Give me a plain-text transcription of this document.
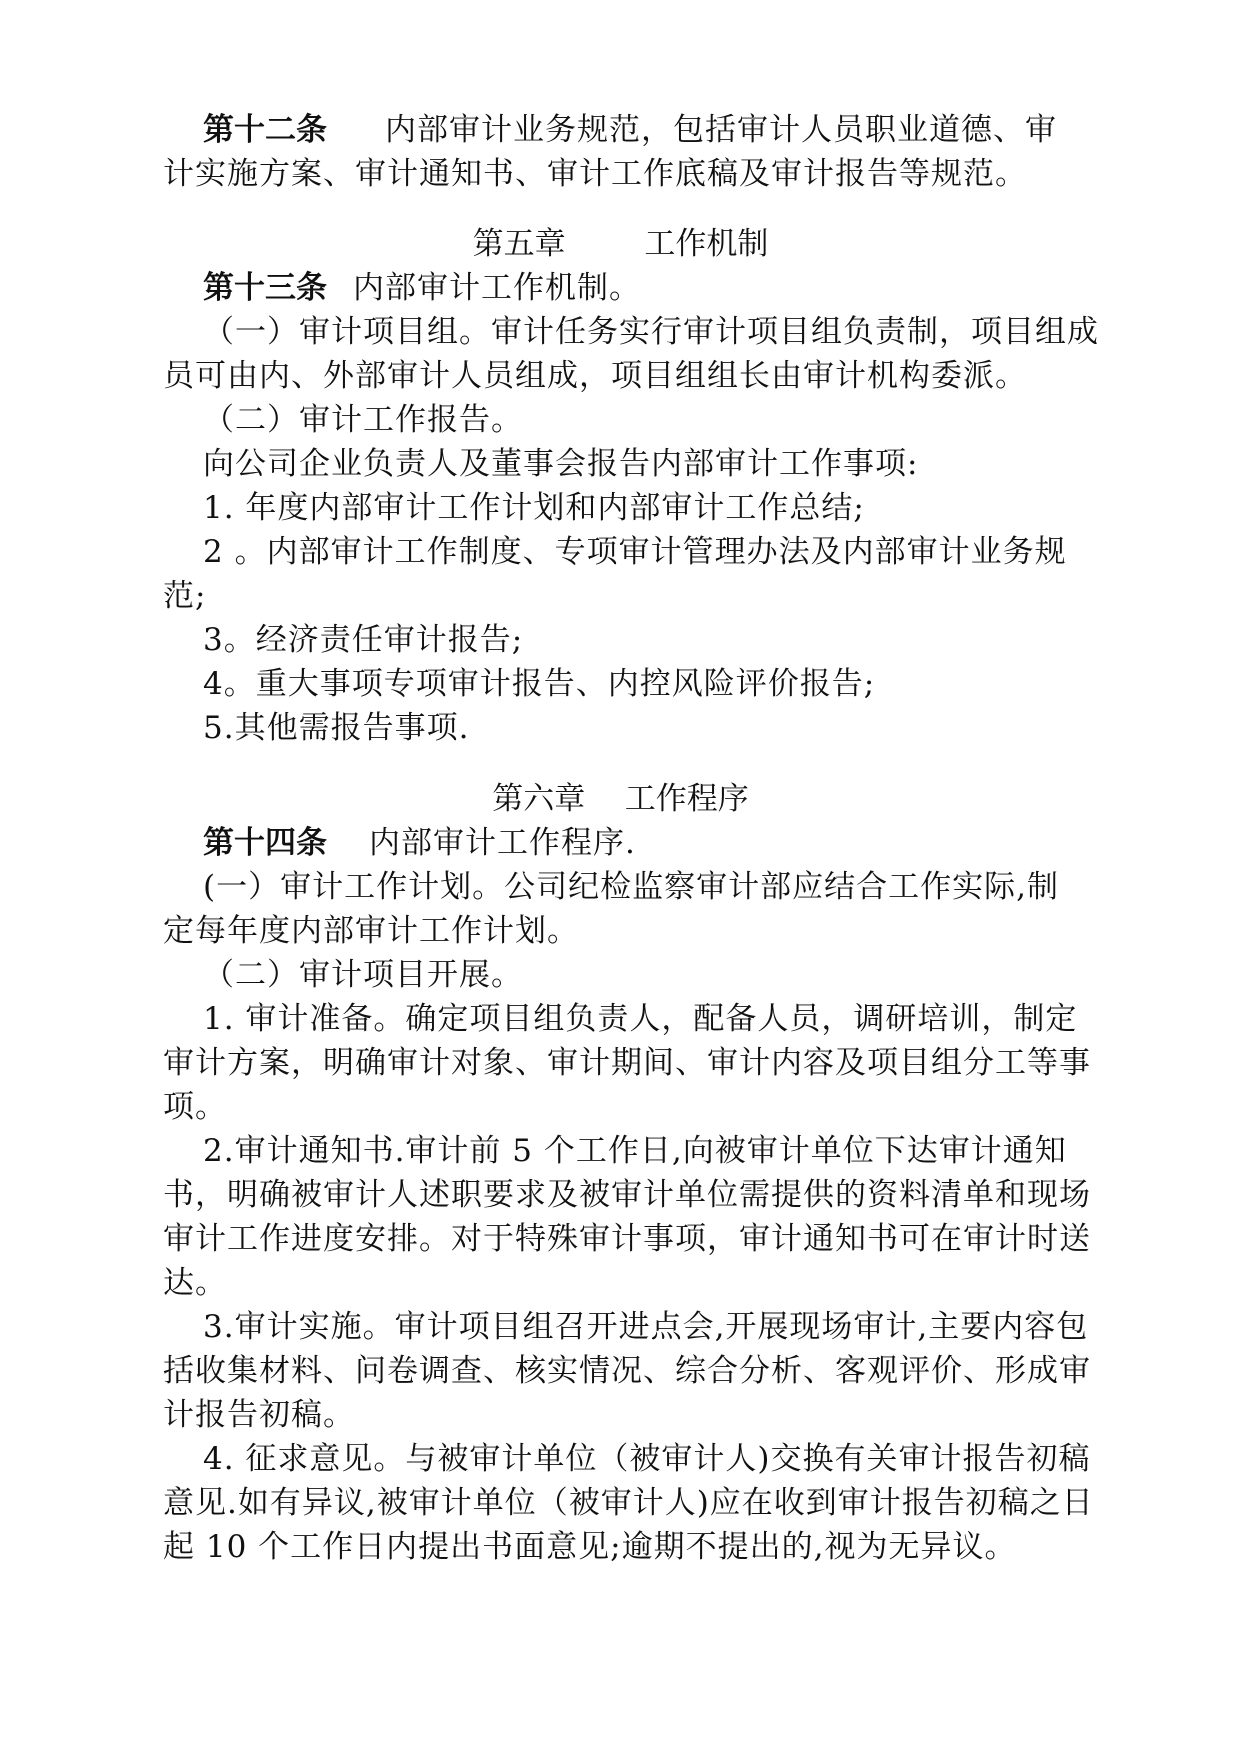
第十二条 内部审计业务规范，包括审计人员职业道德、审
计实施方案、审计通知书、审计工作底稿及审计报告等规范。
第五章        工作机制
第十三条 内部审计工作机制。
（一）审计项目组。审计任务实行审计项目组负责制，项目组成
员可由内、外部审计人员组成，项目组组长由审计机构委派。
（二）审计工作报告。
向公司企业负责人及董事会报告内部审计工作事项:
1. 年度内部审计工作计划和内部审计工作总结;
2 。内部审计工作制度、专项审计管理办法及内部审计业务规
范;
3。经济责任审计报告;
4。重大事项专项审计报告、内控风险评价报告;
5.其他需报告事项.
第六章    工作程序
第十四条 内部审计工作程序.
(一）审计工作计划。公司纪检监察审计部应结合工作实际,制
定每年度内部审计工作计划。
（二）审计项目开展。
1. 审计准备。确定项目组负责人，配备人员，调研培训，制定
审计方案，明确审计对象、审计期间、审计内容及项目组分工等事
项。
2.审计通知书.审计前 5 个工作日,向被审计单位下达审计通知
书，明确被审计人述职要求及被审计单位需提供的资料清单和现场
审计工作进度安排。对于特殊审计事项，审计通知书可在审计时送
达。
3.审计实施。审计项目组召开进点会,开展现场审计,主要内容包
括收集材料、问卷调查、核实情况、综合分析、客观评价、形成审
计报告初稿。
4. 征求意见。与被审计单位（被审计人)交换有关审计报告初稿
意见.如有异议,被审计单位（被审计人)应在收到审计报告初稿之日
起 10 个工作日内提出书面意见;逾期不提出的,视为无异议。
